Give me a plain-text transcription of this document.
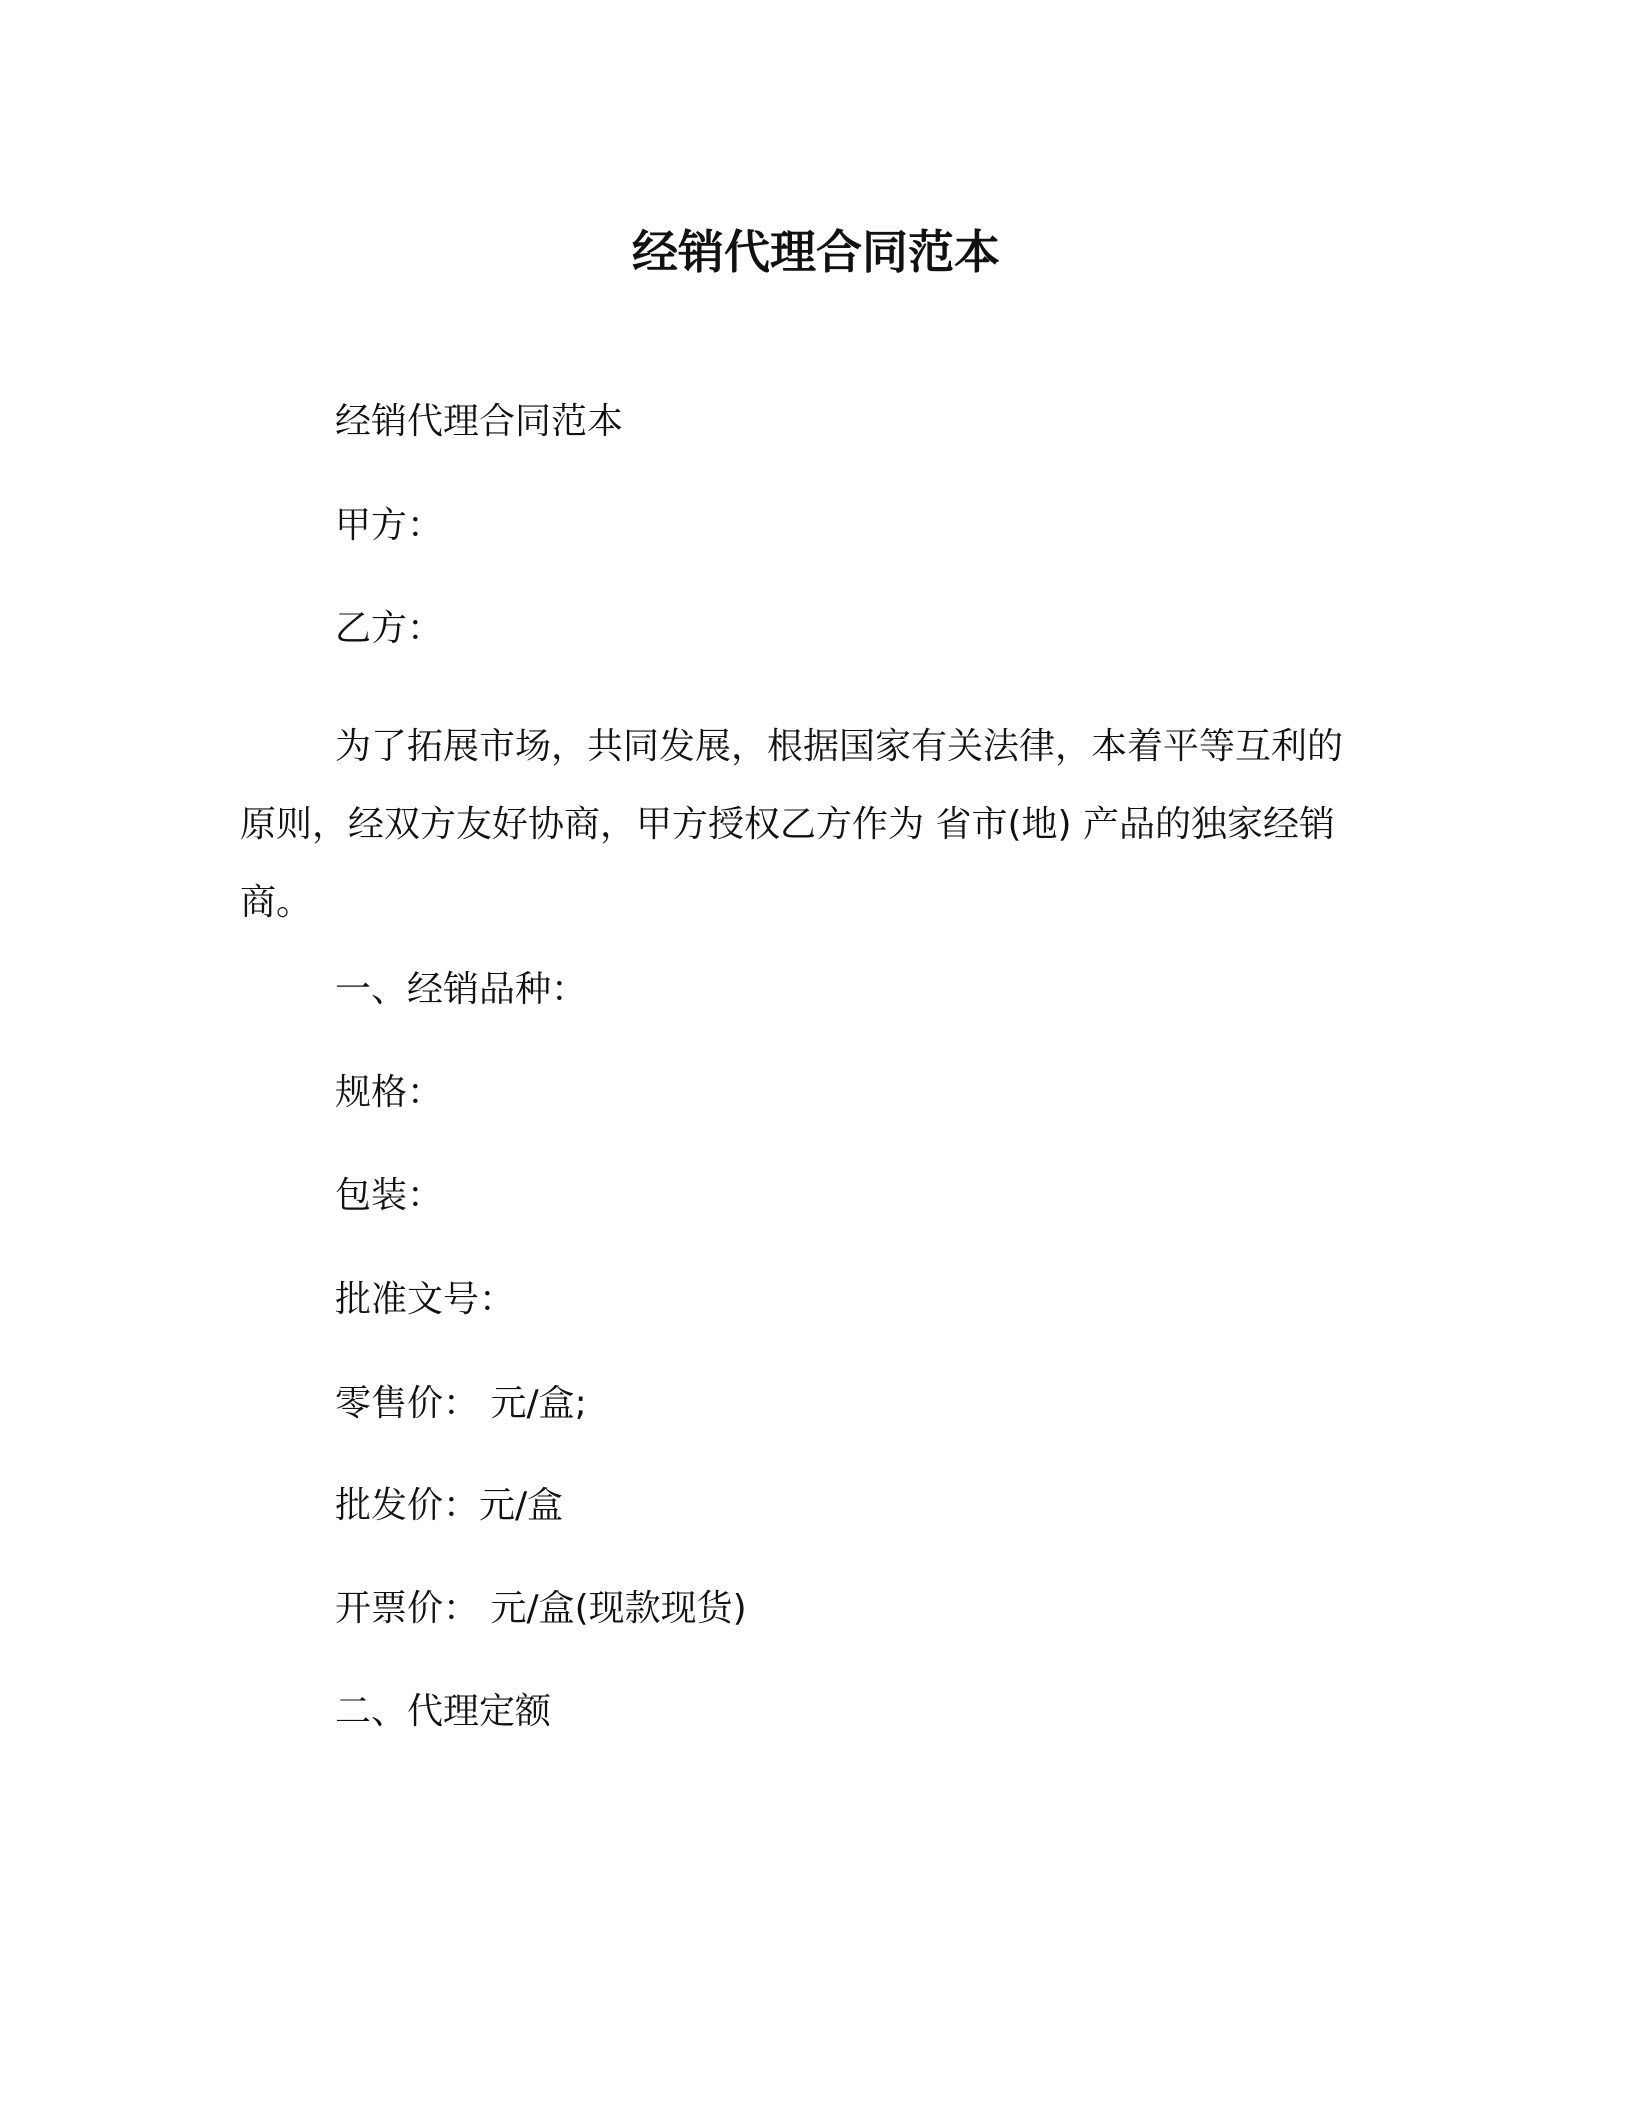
经销代理合同范本
经销代理合同范本
甲方：
乙方：
为了拓展市场，共同发展，根据国家有关法律，本着平等互利的
原则，经双方友好协商，甲方授权乙方作为 省市(地) 产品的独家经销
商。
一、经销品种：
规格：
包装：
批准文号：
零售价： 元/盒;
批发价：元/盒
开票价： 元/盒(现款现货)
二、代理定额
